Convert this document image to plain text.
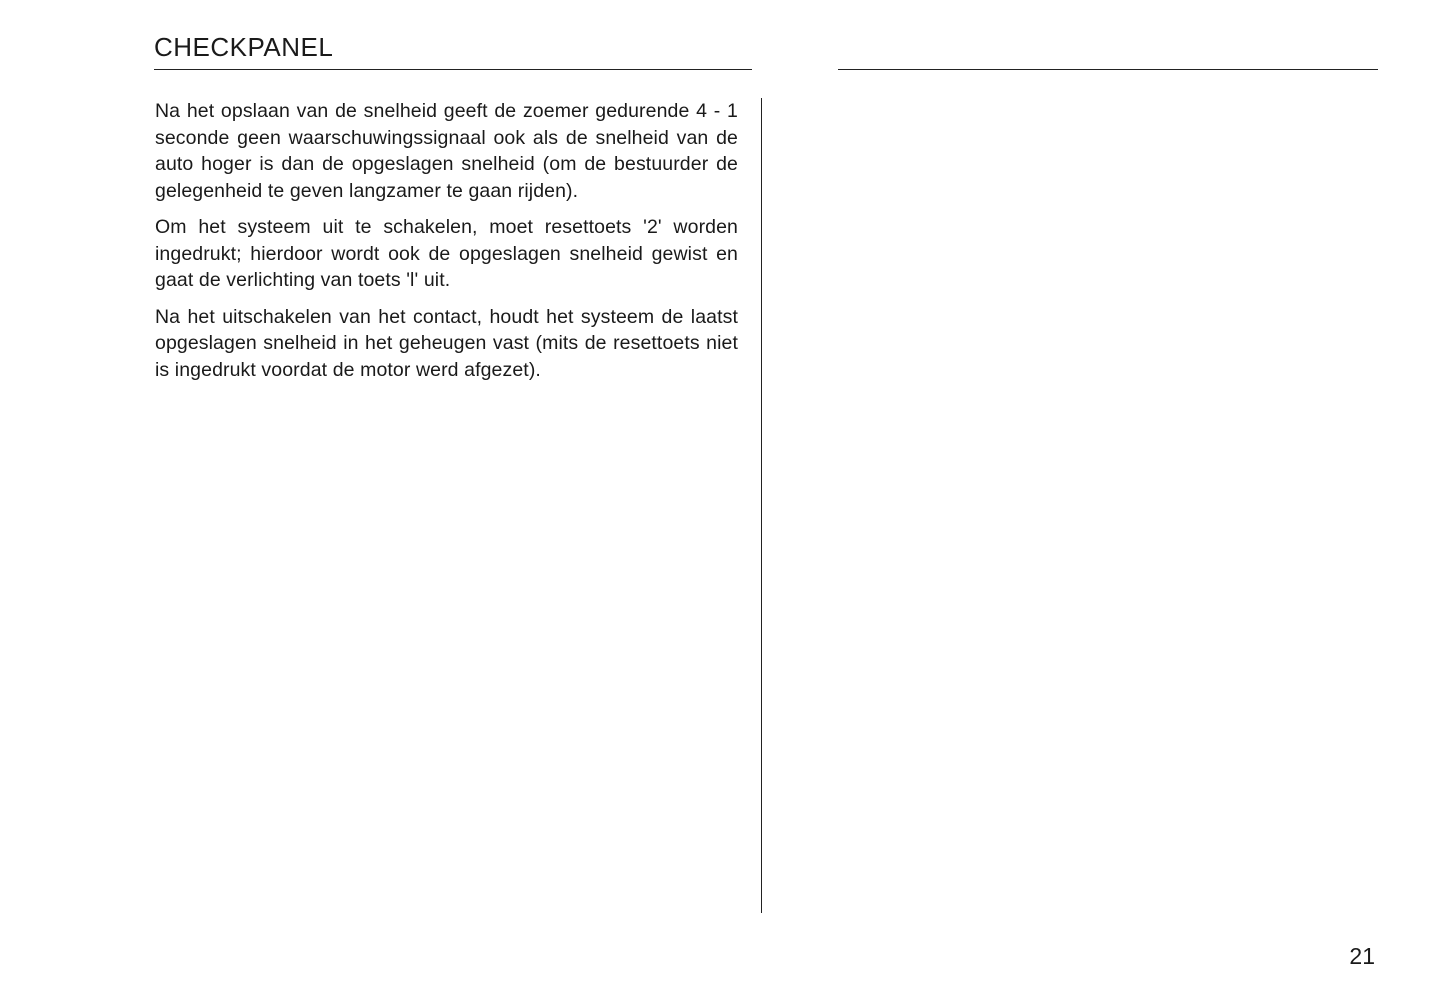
CHECKPANEL

Na het opslaan van de snelheid geeft de zoemer gedurende 4 - 1 seconde geen waarschuwingssignaal ook als de snelheid van de auto hoger is dan de opgeslagen snelheid (om de bestuurder de gelegenheid te geven langzamer te gaan rijden).

Om het systeem uit te schakelen, moet resettoets '2' worden ingedrukt; hierdoor wordt ook de opgeslagen snelheid gewist en gaat de verlichting van toets 'l' uit.

Na het uitschakelen van het contact, houdt het systeem de laatst opgeslagen snelheid in het geheugen vast (mits de resettoets niet is ingedrukt voordat de motor werd afgezet).

21
